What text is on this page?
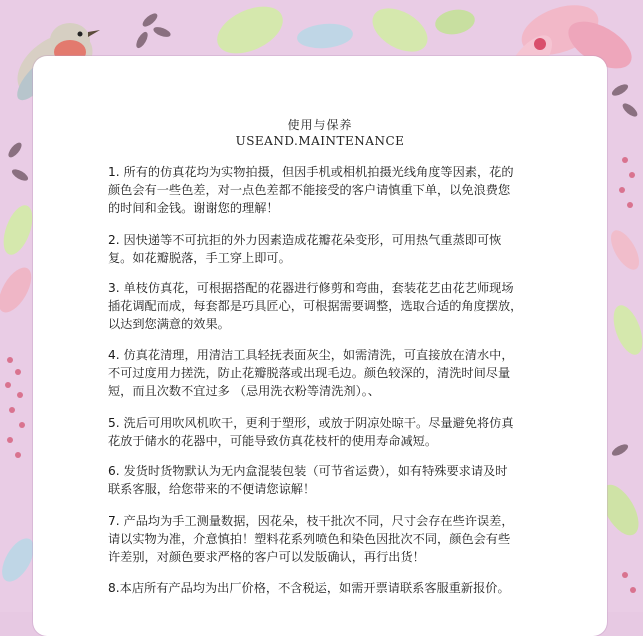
使用与保养
USEAND.MAINTENANCE
1. 所有的仿真花均为实物拍摄，但因手机或相机拍摄光线角度等因素，花的
颜色会有一些色差，对一点色差都不能接受的客户请慎重下单，以免浪费您
的时间和金钱。谢谢您的理解！
2. 因快递等不可抗拒的外力因素造成花瓣花朵变形，可用热气重蒸即可恢
复。如花瓣脱落，手工穿上即可。
3. 单枝仿真花，可根据搭配的花器进行修剪和弯曲，套装花艺由花艺师现场
插花调配而成，每套都是巧具匠心，可根据需要调整，选取合适的角度摆放，
以达到您满意的效果。
4. 仿真花清理，用清洁工具轻抚表面灰尘，如需清洗，可直接放在清水中，
不可过度用力搓洗，防止花瓣脱落或出现毛边。颜色较深的，清洗时间尽量
短，而且次数不宜过多 （忌用洗衣粉等清洗剂）。、
5. 洗后可用吹风机吹干，更利于塑形，或放于阴凉处晾干。尽量避免将仿真
花放于储水的花器中，可能导致仿真花枝杆的使用寿命减短。
6. 发货时货物默认为无内盒混装包装（可节省运费），如有特殊要求请及时
联系客服，给您带来的不便请您谅解！
7. 产品均为手工测量数据，因花朵，枝干批次不同，尺寸会存在些许误差，
请以实物为准，介意慎拍！塑料花系列喷色和染色因批次不同，颜色会有些
许差别，对颜色要求严格的客户可以发版确认，再行出货！
8.本店所有产品均为出厂价格，不含税运，如需开票请联系客服重新报价。
